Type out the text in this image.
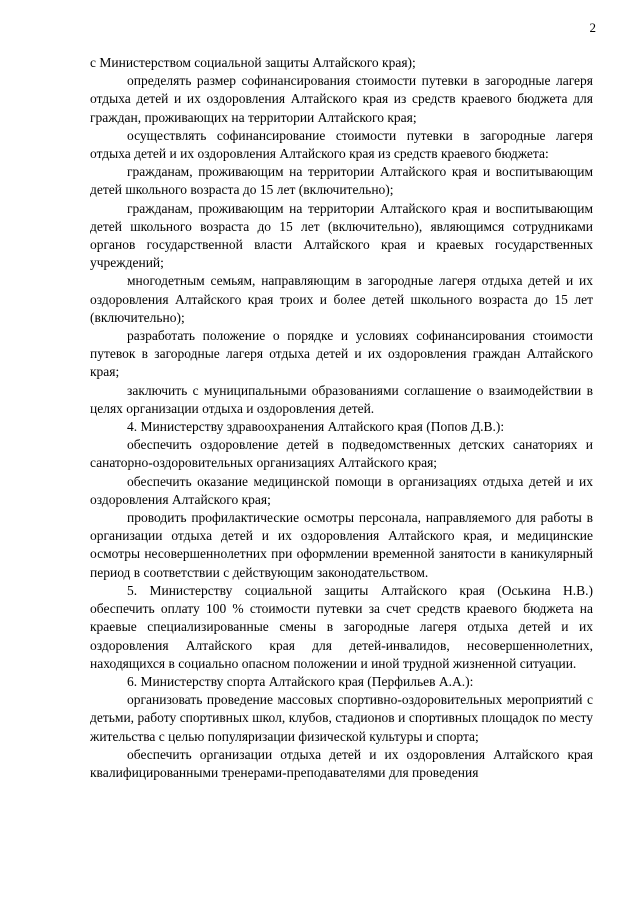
2

с Министерством социальной защиты Алтайского края);

определять размер софинансирования стоимости путевки в загородные лагеря отдыха детей и их оздоровления Алтайского края из средств краевого бюджета для граждан, проживающих на территории Алтайского края;

осуществлять софинансирование стоимости путевки в загородные лагеря отдыха детей и их оздоровления Алтайского края из средств краевого бюджета:

гражданам, проживающим на территории Алтайского края и воспитывающим детей школьного возраста до 15 лет (включительно);

гражданам, проживающим на территории Алтайского края и воспитывающим детей школьного возраста до 15 лет (включительно), являющимся сотрудниками органов государственной власти Алтайского края и краевых государственных учреждений;

многодетным семьям, направляющим в загородные лагеря отдыха детей и их оздоровления Алтайского края троих и более детей школьного возраста до 15 лет (включительно);

разработать положение о порядке и условиях софинансирования стоимости путевок в загородные лагеря отдыха детей и их оздоровления граждан Алтайского края;

заключить с муниципальными образованиями соглашение о взаимодействии в целях организации отдыха и оздоровления детей.

4. Министерству здравоохранения Алтайского края (Попов Д.В.):

обеспечить оздоровление детей в подведомственных детских санаториях и санаторно-оздоровительных организациях Алтайского края;

обеспечить оказание медицинской помощи в организациях отдыха детей и их оздоровления Алтайского края;

проводить профилактические осмотры персонала, направляемого для работы в организации отдыха детей и их оздоровления Алтайского края, и медицинские осмотры несовершеннолетних при оформлении временной занятости в каникулярный период в соответствии с действующим законодательством.

5. Министерству социальной защиты Алтайского края (Оськина Н.В.) обеспечить оплату 100 % стоимости путевки за счет средств краевого бюджета на краевые специализированные смены в загородные лагеря отдыха детей и их оздоровления Алтайского края для детей-инвалидов, несовершеннолетних, находящихся в социально опасном положении и иной трудной жизненной ситуации.

6. Министерству спорта Алтайского края (Перфильев А.А.):

организовать проведение массовых спортивно-оздоровительных мероприятий с детьми, работу спортивных школ, клубов, стадионов и спортивных площадок по месту жительства с целью популяризации физической культуры и спорта;

обеспечить организации отдыха детей и их оздоровления Алтайского края квалифицированными тренерами-преподавателями для проведения
